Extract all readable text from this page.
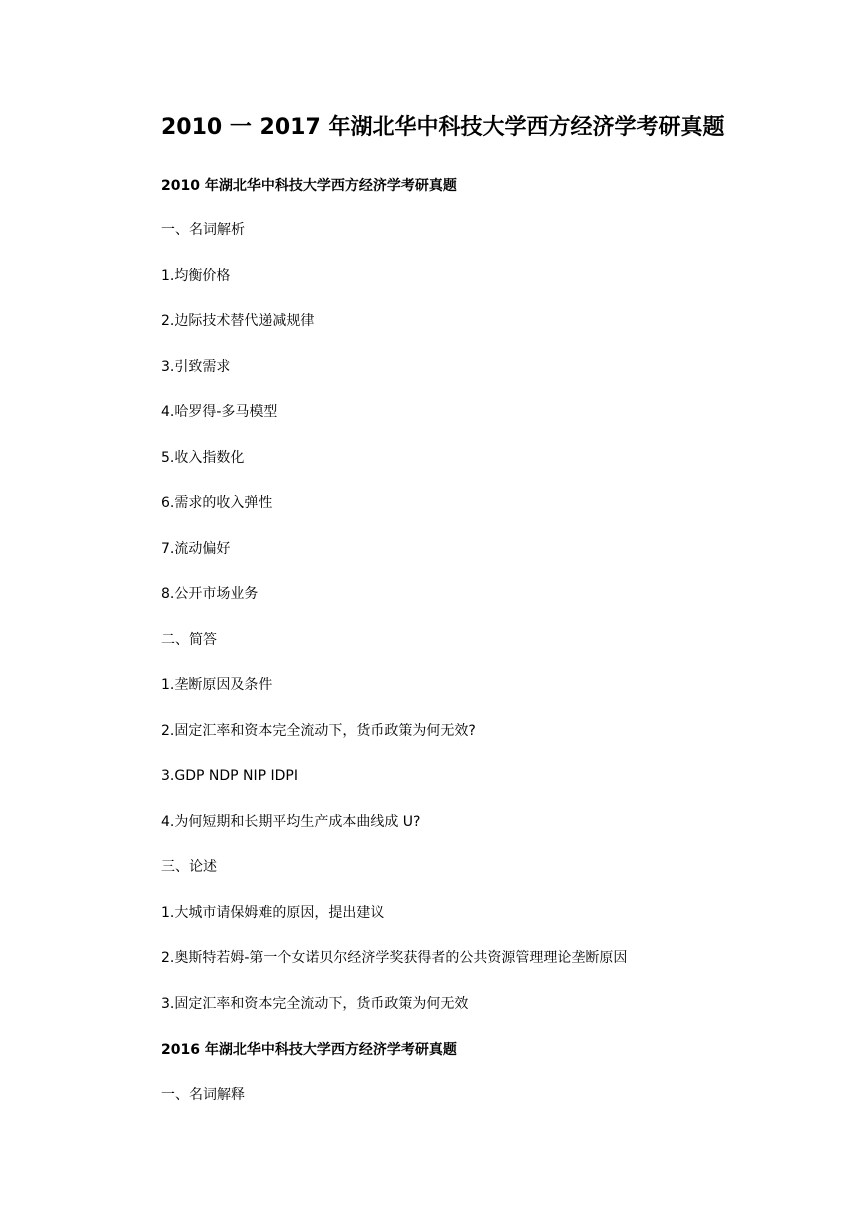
2010 一 2017 年湖北华中科技大学西方经济学考研真题

2010 年湖北华中科技大学西方经济学考研真题

一、名词解析

1.均衡价格

2.边际技术替代递减规律

3.引致需求

4.哈罗得-多马模型

5.收入指数化

6.需求的收入弹性

7.流动偏好

8.公开市场业务

二、简答

1.垄断原因及条件

2.固定汇率和资本完全流动下，货币政策为何无效?

3.GDP NDP NIP IDPI

4.为何短期和长期平均生产成本曲线成 U?

三、论述

1.大城市请保姆难的原因，提出建议

2.奥斯特若姆-第一个女诺贝尔经济学奖获得者的公共资源管理理论垄断原因

3.固定汇率和资本完全流动下，货币政策为何无效

2016 年湖北华中科技大学西方经济学考研真题

一、名词解释
